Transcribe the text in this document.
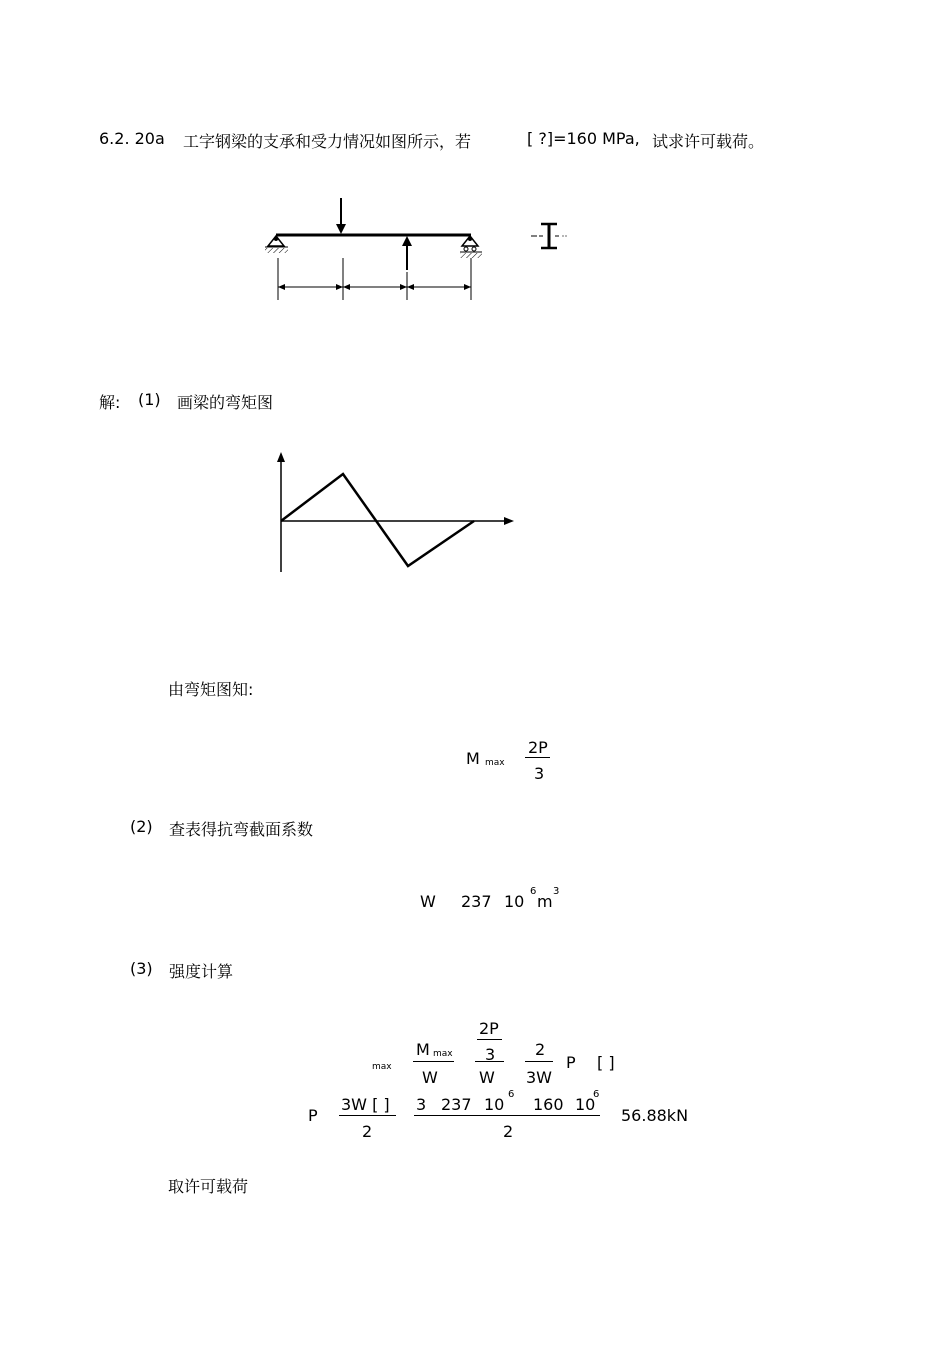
6.2. 20a 工字钢梁的支承和受力情况如图所示，若	[ ?]=160 MPa, 试求许可载荷。
解: (1) 画梁的弯矩图
由弯矩图知:
M max
2P
3
(2) 查表得抗弯截面系数
W 237 10
6
m
3
(3) 强度计算
max
M max
W
2P
3
W
2
3W
P [ ]
P
3W [ ]
2
3 237 10
6
160 10
6
2
56.88kN
取许可载荷
